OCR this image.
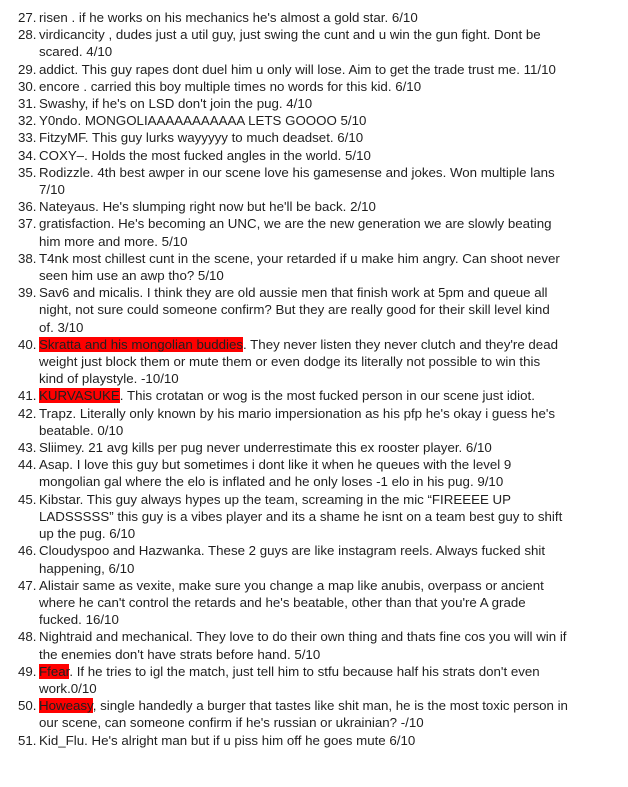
27. risen . if he works on his mechanics he's almost a gold star. 6/10
28. virdicancity , dudes just a util guy, just swing the cunt and u win the gun fight. Dont be scared. 4/10
29. addict. This guy rapes dont duel him u only will lose. Aim to get the trade trust me. 11/10
30. encore . carried this boy multiple times no words for this kid. 6/10
31. Swashy, if he's on LSD don't join the pug. 4/10
32. Y0ndo. MONGOLIAAAAAAAAAAA LETS GOOOO 5/10
33. FitzyMF. This guy lurks wayyyyy to much deadset. 6/10
34. COXY–. Holds the most fucked angles in the world. 5/10
35. Rodizzle. 4th best awper in our scene love his gamesense and jokes. Won multiple lans 7/10
36. Nateyaus. He's slumping right now but he'll be back. 2/10
37. gratisfaction. He's becoming an UNC, we are the new generation we are slowly beating him more and more. 5/10
38. T4nk most chillest cunt in the scene, your retarded if u make him angry. Can shoot never seen him use an awp tho? 5/10
39. Sav6 and micalis. I think they are old aussie men that finish work at 5pm and queue all night, not sure could someone confirm? But they are really good for their skill level kind of. 3/10
40. Skratta and his mongolian buddies. They never listen they never clutch and they're dead weight just block them or mute them or even dodge its literally not possible to win this kind of playstyle. -10/10
41. KURVASUKE. This crotatan or wog is the most fucked person in our scene just idiot.
42. Trapz. Literally only known by his mario impersionation as his pfp he's okay i guess he's beatable. 0/10
43. Sliimey. 21 avg kills per pug never underrestimate this ex rooster player. 6/10
44. Asap. I love this guy but sometimes i dont like it when he queues with the level 9 mongolian gal where the elo is inflated and he only loses -1 elo in his pug. 9/10
45. Kibstar. This guy always hypes up the team, screaming in the mic “FIREEEE UP LADSSSSS” this guy is a vibes player and its a shame he isnt on a team best guy to shift up the pug. 6/10
46. Cloudyspoo and Hazwanka. These 2 guys are like instagram reels. Always fucked shit happening, 6/10
47. Alistair same as vexite, make sure you change a map like anubis, overpass or ancient where he can't control the retards and he's beatable, other than that you're A grade fucked. 16/10
48. Nightraid and mechanical. They love to do their own thing and thats fine cos you will win if the enemies don't have strats before hand. 5/10
49. Ffear. If he tries to igl the match, just tell him to stfu because half his strats don't even work.0/10
50. Howeasy, single handedly a burger that tastes like shit man, he is the most toxic person in our scene, can someone confirm if he's russian or ukrainian? -/10
51. Kid_Flu. He's alright man but if u piss him off he goes mute 6/10
